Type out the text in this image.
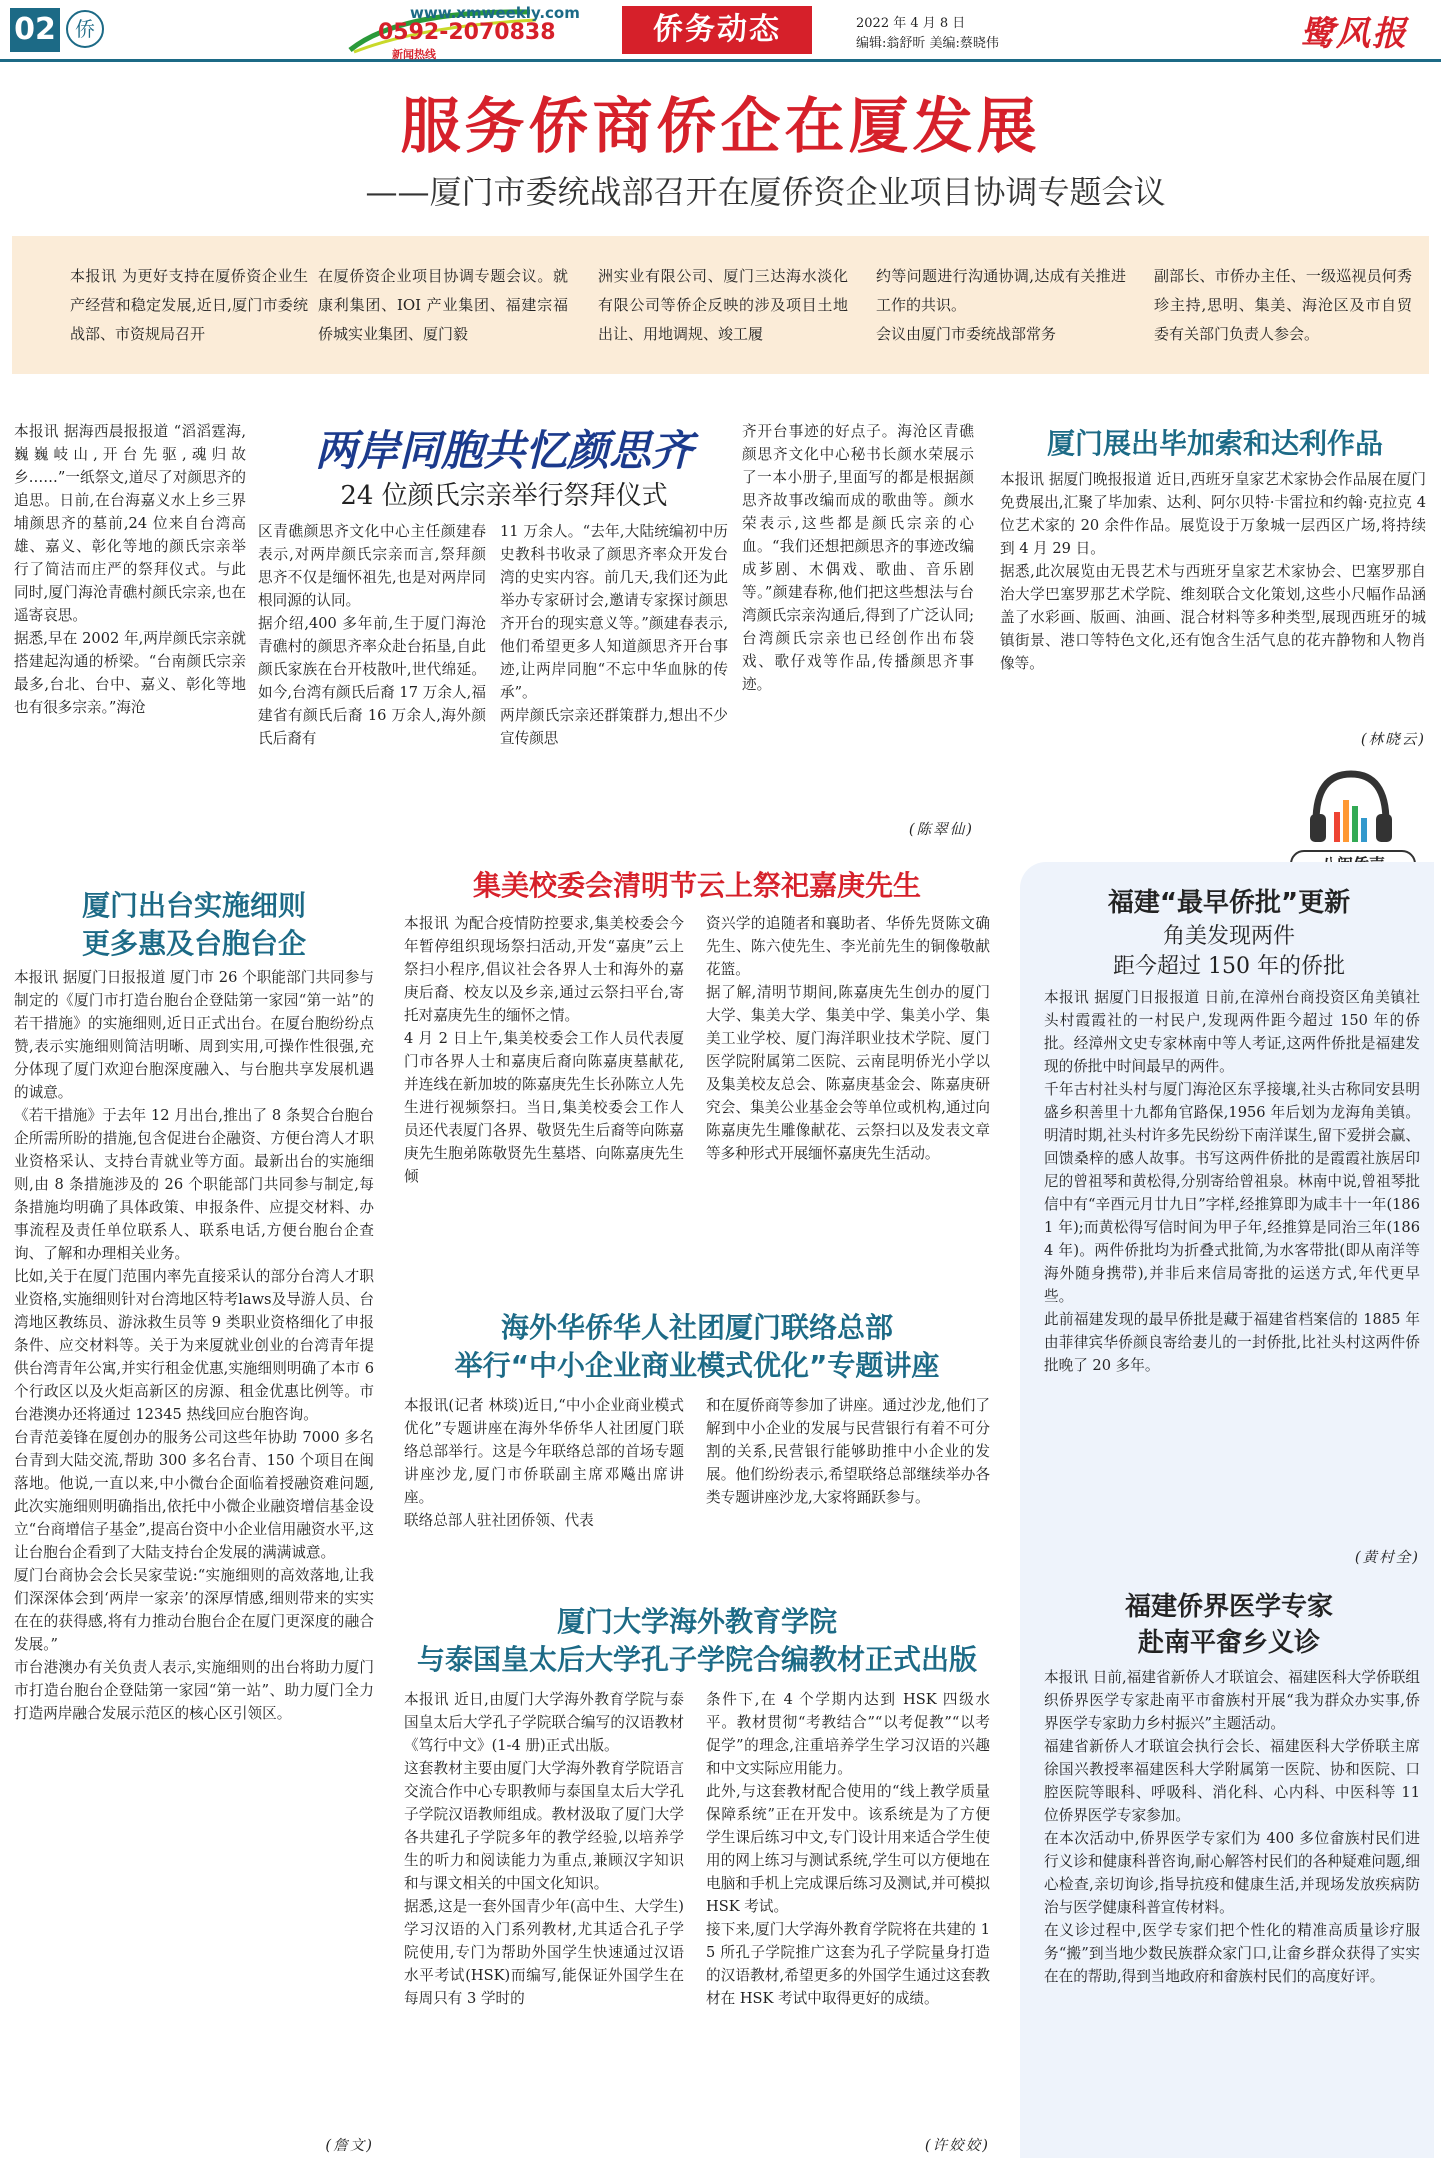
02 侨
www.xmweekly.com
0592-2070838
新闻热线
侨务动态	2022 年 4 月 8 日
编辑:翁舒昕 美编:蔡晓伟	鹭风报
服务侨商侨企在厦发展
——厦门市委统战部召开在厦侨资企业项目协调专题会议
本报讯 为更好支持在厦侨资企业生产经营和稳定发展,近日,厦门市委统战部、市资规局召开
在厦侨资企业项目协调专题会议。就康利集团、IOI 产业集团、福建宗福侨城实业集团、厦门毅
洲实业有限公司、厦门三达海水淡化有限公司等侨企反映的涉及项目土地出让、用地调规、竣工履
约等问题进行沟通协调,达成有关推进工作的共识。
会议由厦门市委统战部常务
副部长、市侨办主任、一级巡视员何秀珍主持,思明、集美、海沧区及市自贸委有关部门负责人参会。
两岸同胞共忆颜思齐
24 位颜氏宗亲举行祭拜仪式
本报讯 据海西晨报报道 “滔滔霆海,巍巍岐山,开台先驱,魂归故乡……”一纸祭文,道尽了对颜思齐的追思。日前,在台海嘉义水上乡三界埔颜思齐的墓前,24 位来自台湾高雄、嘉义、彰化等地的颜氏宗亲举行了简洁而庄严的祭拜仪式。与此同时,厦门海沧青礁村颜氏宗亲,也在遥寄哀思。
据悉,早在 2002 年,两岸颜氏宗亲就搭建起沟通的桥梁。“台南颜氏宗亲最多,台北、台中、嘉义、彰化等地也有很多宗亲。”海沧
区青礁颜思齐文化中心主任颜建春表示,对两岸颜氏宗亲而言,祭拜颜思齐不仅是缅怀祖先,也是对两岸同根同源的认同。
据介绍,400 多年前,生于厦门海沧青礁村的颜思齐率众赴台拓垦,自此颜氏家族在台开枝散叶,世代绵延。如今,台湾有颜氏后裔 17 万余人,福建省有颜氏后裔 16 万余人,海外颜氏后裔有
11 万余人。“去年,大陆统编初中历史教科书收录了颜思齐率众开发台湾的史实内容。前几天,我们还为此举办专家研讨会,邀请专家探讨颜思齐开台的现实意义等。”颜建春表示,他们希望更多人知道颜思齐开台事迹,让两岸同胞“不忘中华血脉的传承”。
两岸颜氏宗亲还群策群力,想出不少宣传颜思
齐开台事迹的好点子。海沧区青礁颜思齐文化中心秘书长颜水荣展示了一本小册子,里面写的都是根据颜思齐故事改编而成的歌曲等。颜水荣表示,这些都是颜氏宗亲的心血。“我们还想把颜思齐的事迹改编成芗剧、木偶戏、歌曲、音乐剧等。”颜建春称,他们把这些想法与台湾颜氏宗亲沟通后,得到了广泛认同;台湾颜氏宗亲也已经创作出布袋戏、歌仔戏等作品,传播颜思齐事迹。
(陈翠仙)
厦门展出毕加索和达利作品
本报讯 据厦门晚报报道 近日,西班牙皇家艺术家协会作品展在厦门免费展出,汇聚了毕加索、达利、阿尔贝特·卡雷拉和约翰·克拉克 4 位艺术家的 20 余件作品。展览设于万象城一层西区广场,将持续到 4 月 29 日。
据悉,此次展览由无畏艺术与西班牙皇家艺术家协会、巴塞罗那自治大学巴塞罗那艺术学院、维刻联合文化策划,这些小尺幅作品涵盖了水彩画、版画、油画、混合材料等多种类型,展现西班牙的城镇街景、港口等特色文化,还有饱含生活气息的花卉静物和人物肖像等。
(林晓云)
福建“最早侨批”更新
角美发现两件
距今超过 150 年的侨批
本报讯 据厦门日报报道 日前,在漳州台商投资区角美镇社头村霞霞社的一村民户,发现两件距今超过 150 年的侨批。经漳州文史专家林南中等人考证,这两件侨批是福建发现的侨批中时间最早的两件。
千年古村社头村与厦门海沧区东孚接壤,社头古称同安县明盛乡积善里十九都角官路保,1956 年后划为龙海角美镇。明清时期,社头村许多先民纷纷下南洋谋生,留下爱拼会赢、回馈桑梓的感人故事。书写这两件侨批的是霞霞社族居印尼的曾祖琴和黄松得,分别寄给曾祖泉。林南中说,曾祖琴批信中有“辛酉元月廿九日”字样,经推算即为咸丰十一年(1861 年);而黄松得写信时间为甲子年,经推算是同治三年(1864 年)。两件侨批均为折叠式批简,为水客带批(即从南洋等海外随身携带),并非后来信局寄批的运送方式,年代更早些。
此前福建发现的最早侨批是藏于福建省档案信的 1885 年由菲律宾华侨颜良寄给妻儿的一封侨批,比社头村这两件侨批晚了 20 多年。
(黄村全)
福建侨界医学专家
赴南平畲乡义诊
本报讯 日前,福建省新侨人才联谊会、福建医科大学侨联组织侨界医学专家赴南平市畲族村开展“我为群众办实事,侨界医学专家助力乡村振兴”主题活动。
福建省新侨人才联谊会执行会长、福建医科大学侨联主席徐国兴教授率福建医科大学附属第一医院、协和医院、口腔医院等眼科、呼吸科、消化科、心内科、中医科等 11 位侨界医学专家参加。
在本次活动中,侨界医学专家们为 400 多位畲族村民们进行义诊和健康科普咨询,耐心解答村民们的各种疑难问题,细心检查,亲切询诊,指导抗疫和健康生活,并现场发放疾病防治与医学健康科普宣传材料。
在义诊过程中,医学专家们把个性化的精准高质量诊疗服务“搬”到当地少数民族群众家门口,让畲乡群众获得了实实在在的帮助,得到当地政府和畲族村民们的高度好评。
厦门出台实施细则
更多惠及台胞台企
本报讯 据厦门日报报道 厦门市 26 个职能部门共同参与制定的《厦门市打造台胞台企登陆第一家园“第一站”的若干措施》的实施细则,近日正式出台。在厦台胞纷纷点赞,表示实施细则简洁明晰、周到实用,可操作性很强,充分体现了厦门欢迎台胞深度融入、与台胞共享发展机遇的诚意。
《若干措施》于去年 12 月出台,推出了 8 条契合台胞台企所需所盼的措施,包含促进台企融资、方便台湾人才职业资格采认、支持台青就业等方面。最新出台的实施细则,由 8 条措施涉及的 26 个职能部门共同参与制定,每条措施均明确了具体政策、申报条件、应提交材料、办事流程及责任单位联系人、联系电话,方便台胞台企查询、了解和办理相关业务。
比如,关于在厦门范围内率先直接采认的部分台湾人才职业资格,实施细则针对台湾地区特考laws及导游人员、台湾地区教练员、游泳救生员等 9 类职业资格细化了申报条件、应交材料等。关于为来厦就业创业的台湾青年提供台湾青年公寓,并实行租金优惠,实施细则明确了本市 6 个行政区以及火炬高新区的房源、租金优惠比例等。市台港澳办还将通过 12345 热线回应台胞咨询。
台青范姜锋在厦创办的服务公司这些年协助 7000 多名台青到大陆交流,帮助 300 多名台青、150 个项目在闽落地。他说,一直以来,中小微台企面临着授融资难问题,此次实施细则明确指出,依托中小微企业融资增信基金设立“台商增信子基金”,提高台资中小企业信用融资水平,这让台胞台企看到了大陆支持台企发展的满满诚意。
厦门台商协会会长吴家莹说:“实施细则的高效落地,让我们深深体会到‘两岸一家亲’的深厚情感,细则带来的实实在在的获得感,将有力推动台胞台企在厦门更深度的融合发展。”
市台港澳办有关负责人表示,实施细则的出台将助力厦门市打造台胞台企登陆第一家园“第一站”、助力厦门全力打造两岸融合发展示范区的核心区引领区。
(詹文)
集美校委会清明节云上祭祀嘉庚先生
本报讯 为配合疫情防控要求,集美校委会今年暂停组织现场祭扫活动,开发“嘉庚”云上祭扫小程序,倡议社会各界人士和海外的嘉庚后裔、校友以及乡亲,通过云祭扫平台,寄托对嘉庚先生的缅怀之情。
4 月 2 日上午,集美校委会工作人员代表厦门市各界人士和嘉庚后裔向陈嘉庚墓献花,并连线在新加坡的陈嘉庚先生长孙陈立人先生进行视频祭扫。当日,集美校委会工作人员还代表厦门各界、敬贤先生后裔等向陈嘉庚先生胞弟陈敬贤先生墓塔、向陈嘉庚先生倾
资兴学的追随者和襄助者、华侨先贤陈文确先生、陈六使先生、李光前先生的铜像敬献花篮。
据了解,清明节期间,陈嘉庚先生创办的厦门大学、集美大学、集美中学、集美小学、集美工业学校、厦门海洋职业技术学院、厦门医学院附属第二医院、云南昆明侨光小学以及集美校友总会、陈嘉庚基金会、陈嘉庚研究会、集美公业基金会等单位或机构,通过向陈嘉庚先生雕像献花、云祭扫以及发表文章等多种形式开展缅怀嘉庚先生活动。
海外华侨华人社团厦门联络总部
举行“中小企业商业模式优化”专题讲座
本报讯(记者 林琰)近日,“中小企业商业模式优化”专题讲座在海外华侨华人社团厦门联络总部举行。这是今年联络总部的首场专题讲座沙龙,厦门市侨联副主席邓飚出席讲座。
联络总部人驻社团侨领、代表
和在厦侨商等参加了讲座。通过沙龙,他们了解到中小企业的发展与民营银行有着不可分割的关系,民营银行能够助推中小企业的发展。他们纷纷表示,希望联络总部继续举办各类专题讲座沙龙,大家将踊跃参与。
厦门大学海外教育学院
与泰国皇太后大学孔子学院合编教材正式出版
本报讯 近日,由厦门大学海外教育学院与泰国皇太后大学孔子学院联合编写的汉语教材《笃行中文》(1-4 册)正式出版。
这套教材主要由厦门大学海外教育学院语言交流合作中心专职教师与泰国皇太后大学孔子学院汉语教师组成。教材汲取了厦门大学各共建孔子学院多年的教学经验,以培养学生的听力和阅读能力为重点,兼顾汉字知识和与课文相关的中国文化知识。
据悉,这是一套外国青少年(高中生、大学生)学习汉语的入门系列教材,尤其适合孔子学院使用,专门为帮助外国学生快速通过汉语水平考试(HSK)而编写,能保证外国学生在每周只有 3 学时的
条件下,在 4 个学期内达到 HSK 四级水平。教材贯彻“考教结合”“以考促教”“以考促学”的理念,注重培养学生学习汉语的兴趣和中文实际应用能力。
此外,与这套教材配合使用的“线上教学质量保障系统”正在开发中。该系统是为了方便学生课后练习中文,专门设计用来适合学生使用的网上练习与测试系统,学生可以方便地在电脑和手机上完成课后练习及测试,并可模拟 HSK 考试。
接下来,厦门大学海外教育学院将在共建的 15 所孔子学院推广这套为孔子学院量身打造的汉语教材,希望更多的外国学生通过这套教材在 HSK 考试中取得更好的成绩。
(许姣姣)
